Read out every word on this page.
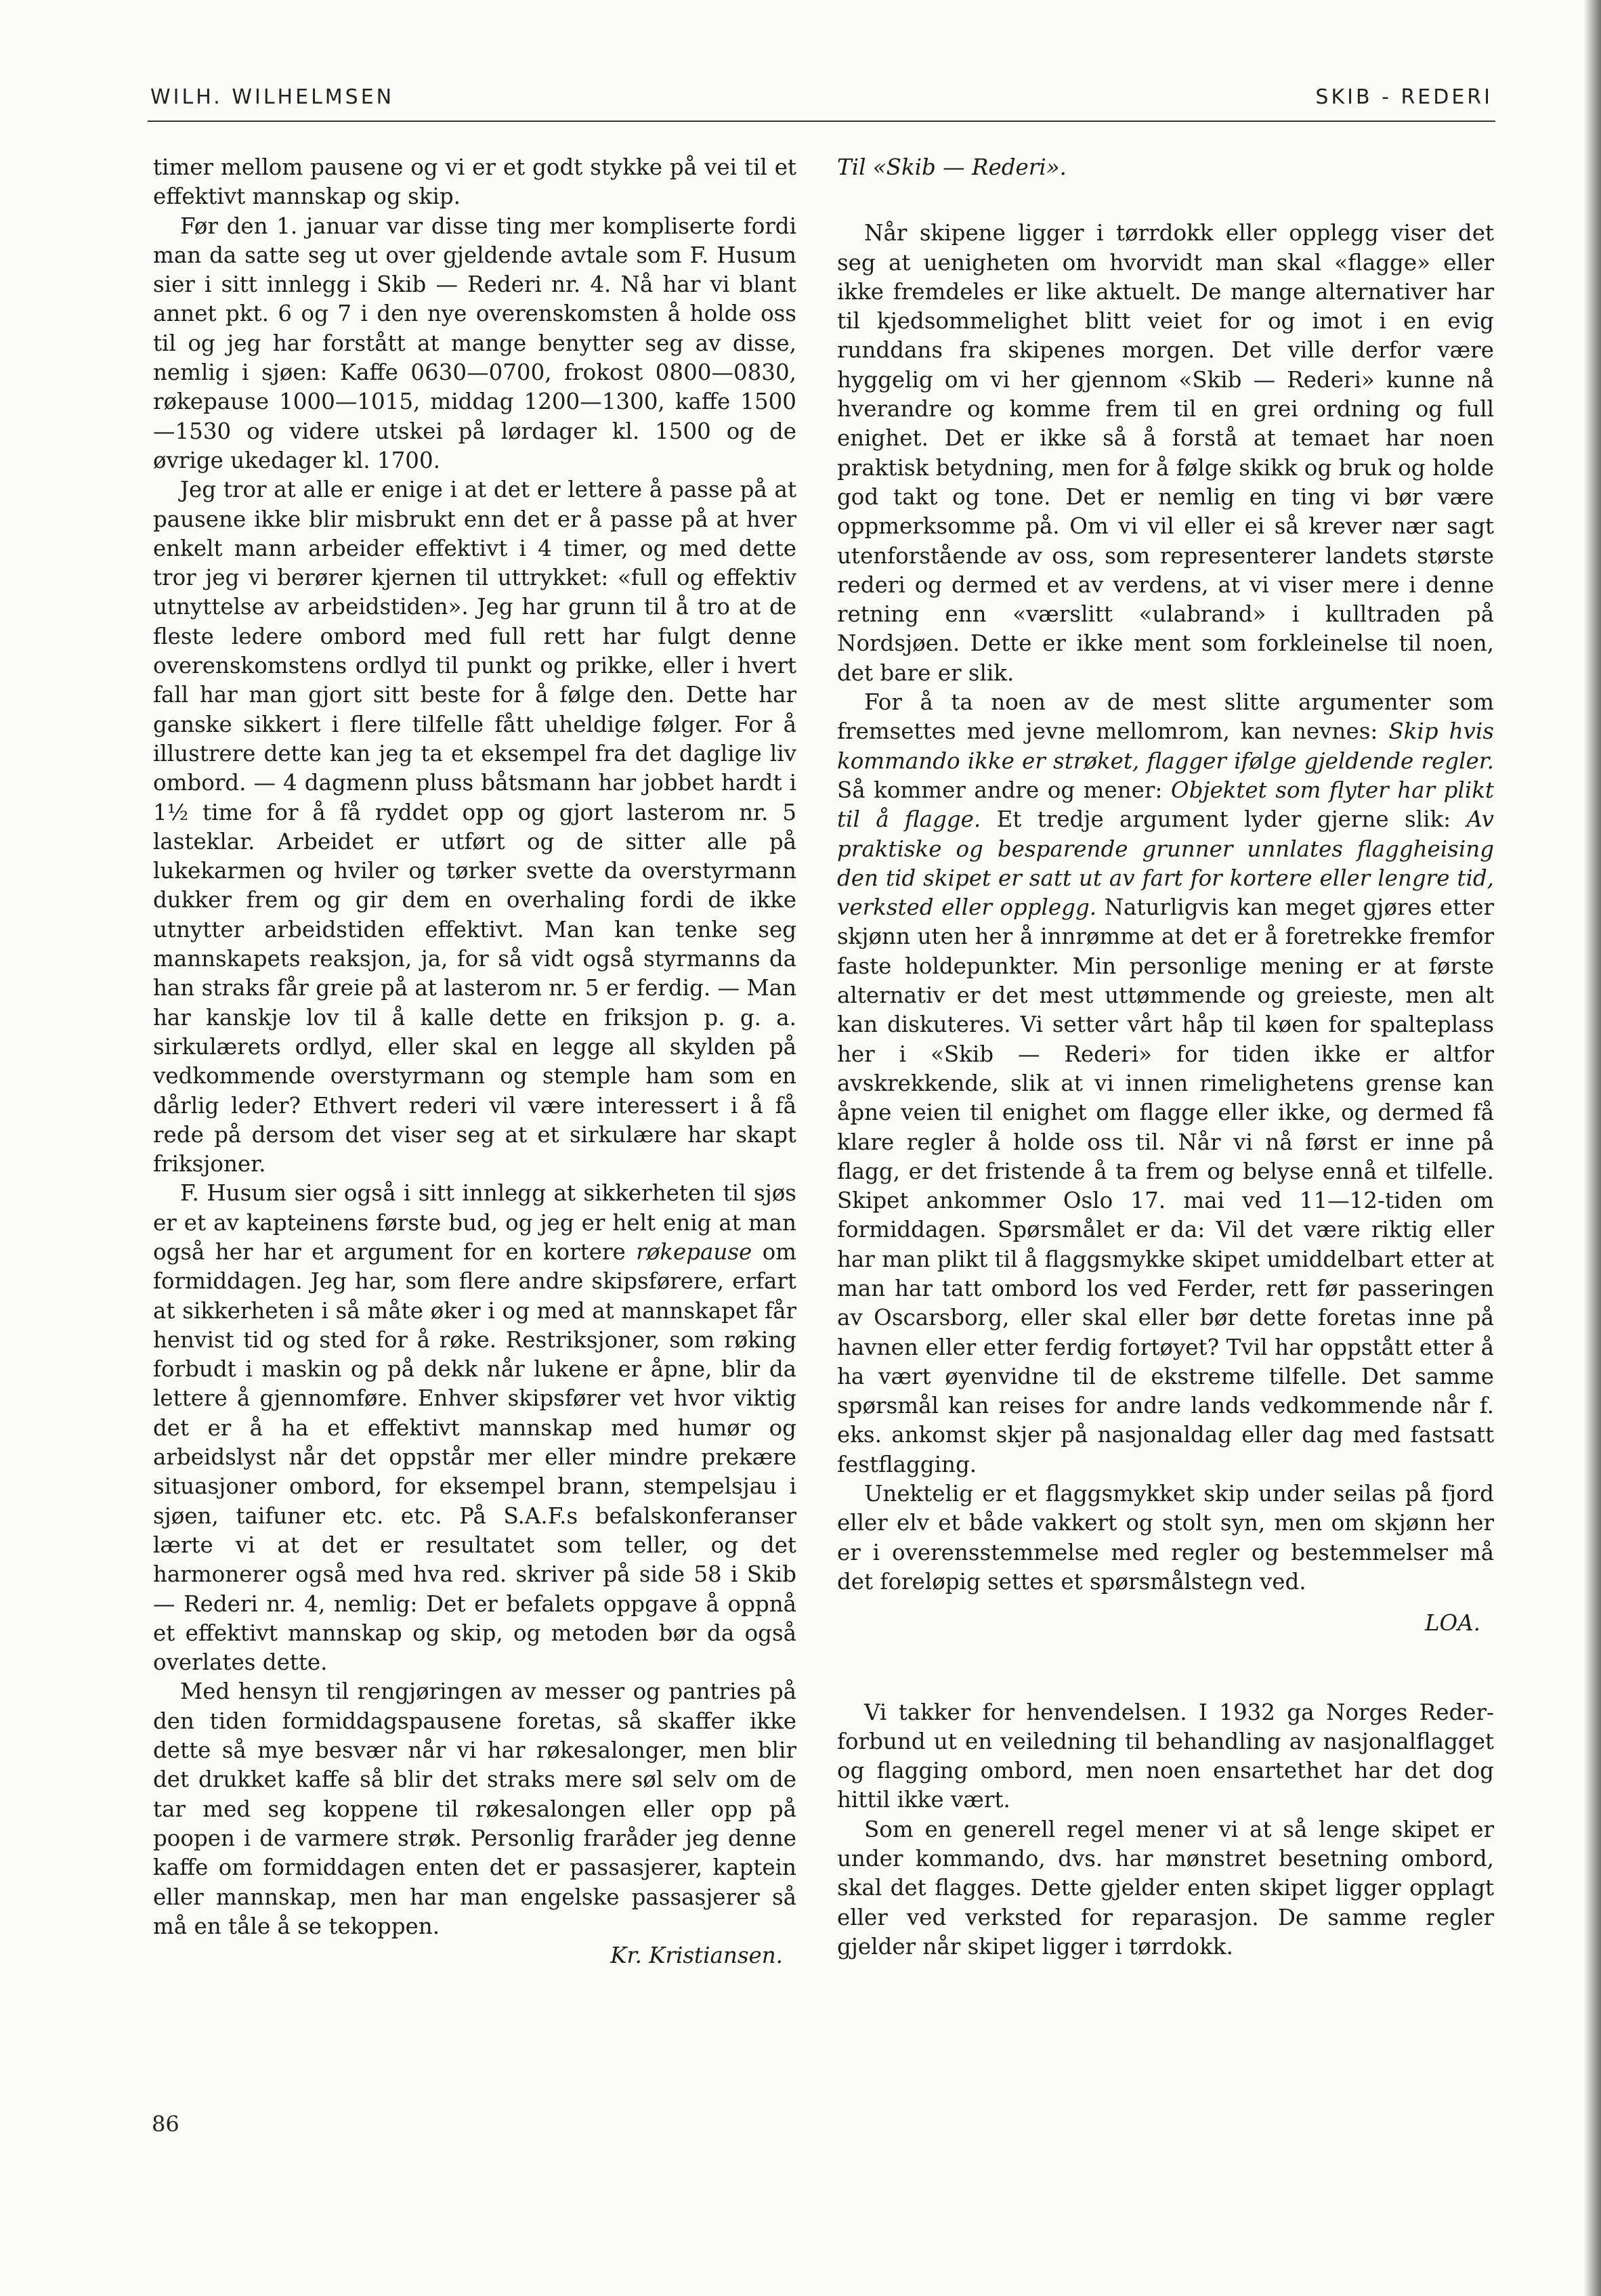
WILH. WILHELMSEN	SKIB - REDERI

timer mellom pausene og vi er et godt stykke på vei til et effektivt mannskap og skip.

Før den 1. januar var disse ting mer kompliserte fordi man da satte seg ut over gjeldende avtale som F. Husum sier i sitt innlegg i Skib — Rederi nr. 4. Nå har vi blant annet pkt. 6 og 7 i den nye overenskomsten å holde oss til og jeg har forstått at mange benytter seg av disse, nemlig i sjøen: Kaffe 0630—0700, frokost 0800—0830, røkepause 1000—1015, middag 1200—1300, kaffe 1500—1530 og videre utskei på lørdager kl. 1500 og de øvrige ukedager kl. 1700.

Jeg tror at alle er enige i at det er lettere å passe på at pausene ikke blir misbrukt enn det er å passe på at hver enkelt mann arbeider effektivt i 4 timer, og med dette tror jeg vi berører kjernen til uttrykket: «full og effektiv utnyttelse av arbeidstiden». Jeg har grunn til å tro at de fleste ledere ombord med full rett har fulgt denne overenskomstens ordlyd til punkt og prikke, eller i hvert fall har man gjort sitt beste for å følge den. Dette har ganske sikkert i flere tilfelle fått uheldige følger. For å illustrere dette kan jeg ta et eksempel fra det daglige liv ombord. — 4 dagmenn pluss båtsmann har jobbet hardt i 1½ time for å få ryddet opp og gjort lasterom nr. 5 lasteklar. Arbeidet er utført og de sitter alle på lukekarmen og hviler og tørker svette da overstyrmann dukker frem og gir dem en overhaling fordi de ikke utnytter arbeidstiden effektivt. Man kan tenke seg mannskapets reaksjon, ja, for så vidt også styrmanns da han straks får greie på at lasterom nr. 5 er ferdig. — Man har kanskje lov til å kalle dette en friksjon p. g. a. sirkulærets ordlyd, eller skal en legge all skylden på vedkommende overstyrmann og stemple ham som en dårlig leder? Ethvert rederi vil være interessert i å få rede på dersom det viser seg at et sirkulære har skapt friksjoner.

F. Husum sier også i sitt innlegg at sikkerheten til sjøs er et av kapteinens første bud, og jeg er helt enig at man også her har et argument for en kortere røkepause om formiddagen. Jeg har, som flere andre skipsførere, erfart at sikkerheten i så måte øker i og med at mannskapet får henvist tid og sted for å røke. Restriksjoner, som røking forbudt i maskin og på dekk når lukene er åpne, blir da lettere å gjennomføre. Enhver skipsfører vet hvor viktig det er å ha et effektivt mannskap med humør og arbeidslyst når det oppstår mer eller mindre prekære situasjoner ombord, for eksempel brann, stempelsjau i sjøen, taifuner etc. etc. På S.A.F.s befalskonferanser lærte vi at det er resultatet som teller, og det harmonerer også med hva red. skriver på side 58 i Skib — Rederi nr. 4, nemlig: Det er befalets oppgave å oppnå et effektivt mannskap og skip, og metoden bør da også overlates dette.

Med hensyn til rengjøringen av messer og pantries på den tiden formiddagspausene foretas, så skaffer ikke dette så mye besvær når vi har røkesalonger, men blir det drukket kaffe så blir det straks mere søl selv om de tar med seg koppene til røkesalongen eller opp på poopen i de varmere strøk. Personlig fraråder jeg denne kaffe om formiddagen enten det er passasjerer, kaptein eller mannskap, men har man engelske passasjerer så må en tåle å se tekoppen.

Kr. Kristiansen.

Til «Skib — Rederi».

Når skipene ligger i tørrdokk eller opplegg viser det seg at uenigheten om hvorvidt man skal «flagge» eller ikke fremdeles er like aktuelt. De mange alternativer har til kjedsommelighet blitt veiet for og imot i en evig runddans fra skipenes morgen. Det ville derfor være hyggelig om vi her gjennom «Skib — Rederi» kunne nå hverandre og komme frem til en grei ordning og full enighet. Det er ikke så å forstå at temaet har noen praktisk betydning, men for å følge skikk og bruk og holde god takt og tone. Det er nemlig en ting vi bør være oppmerksomme på. Om vi vil eller ei så krever nær sagt utenforstående av oss, som representerer landets største rederi og dermed et av verdens, at vi viser mere i denne retning enn «værslitt «ulabrand» i kulltraden på Nordsjøen. Dette er ikke ment som forkleinelse til noen, det bare er slik.

For å ta noen av de mest slitte argumenter som fremsettes med jevne mellomrom, kan nevnes: Skip hvis kommando ikke er strøket, flagger ifølge gjeldende regler. Så kommer andre og mener: Objektet som flyter har plikt til å flagge. Et tredje argument lyder gjerne slik: Av praktiske og besparende grunner unnlates flaggheising den tid skipet er satt ut av fart for kortere eller lengre tid, verksted eller opplegg. Naturligvis kan meget gjøres etter skjønn uten her å innrømme at det er å foretrekke fremfor faste holdepunkter. Min personlige mening er at første alternativ er det mest uttømmende og greieste, men alt kan diskuteres. Vi setter vårt håp til køen for spalteplass her i «Skib — Rederi» for tiden ikke er altfor avskrekkende, slik at vi innen rimelighetens grense kan åpne veien til enighet om flagge eller ikke, og dermed få klare regler å holde oss til. Når vi nå først er inne på flagg, er det fristende å ta frem og belyse ennå et tilfelle. Skipet ankommer Oslo 17. mai ved 11—12-tiden om formiddagen. Spørsmålet er da: Vil det være riktig eller har man plikt til å flaggsmykke skipet umiddelbart etter at man har tatt ombord los ved Ferder, rett før passeringen av Oscarsborg, eller skal eller bør dette foretas inne på havnen eller etter ferdig fortøyet? Tvil har oppstått etter å ha vært øyenvidne til de ekstreme tilfelle. Det samme spørsmål kan reises for andre lands vedkommende når f. eks. ankomst skjer på nasjonaldag eller dag med fastsatt festflagging.

Unektelig er et flaggsmykket skip under seilas på fjord eller elv et både vakkert og stolt syn, men om skjønn her er i overensstemmelse med regler og bestemmelser må det foreløpig settes et spørsmålstegn ved.

LOA.

Vi takker for henvendelsen. I 1932 ga Norges Rederforbund ut en veiledning til behandling av nasjonalflagget og flagging ombord, men noen ensartethet har det dog hittil ikke vært.

Som en generell regel mener vi at så lenge skipet er under kommando, dvs. har mønstret besetning ombord, skal det flagges. Dette gjelder enten skipet ligger opplagt eller ved verksted for reparasjon. De samme regler gjelder når skipet ligger i tørrdokk.

86
